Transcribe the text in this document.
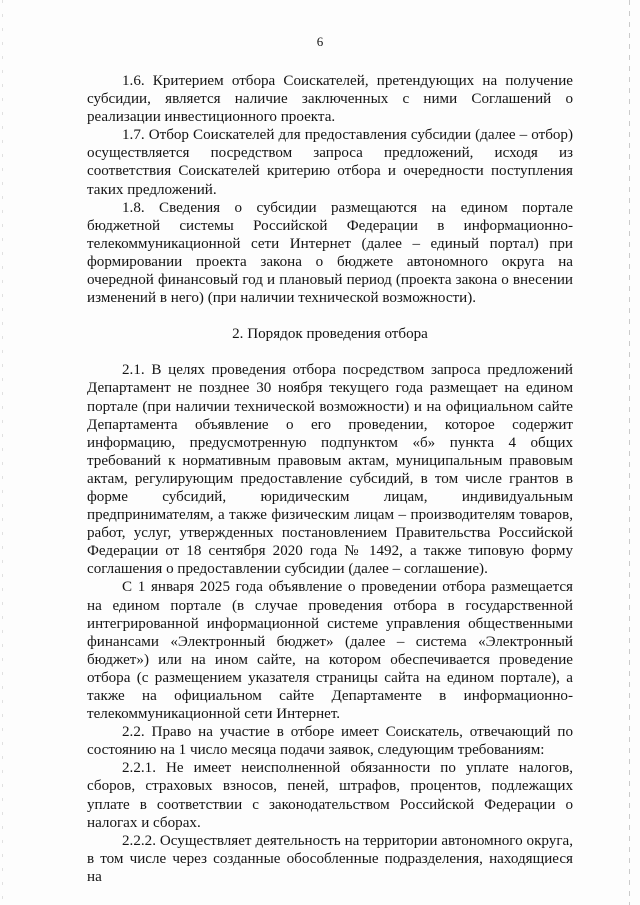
6

1.6. Критерием отбора Соискателей, претендующих на получение субсидии, является наличие заключенных с ними Соглашений о реализации инвестиционного проекта.

1.7. Отбор Соискателей для предоставления субсидии (далее – отбор) осуществляется посредством запроса предложений, исходя из соответствия Соискателей критерию отбора и очередности поступления таких предложений.

1.8. Сведения о субсидии размещаются на едином портале бюджетной системы Российской Федерации в информационно-телекоммуникационной сети Интернет (далее – единый портал) при формировании проекта закона о бюджете автономного округа на очередной финансовый год и плановый период (проекта закона о внесении изменений в него) (при наличии технической возможности).

2. Порядок проведения отбора

2.1. В целях проведения отбора посредством запроса предложений Департамент не позднее 30 ноября текущего года размещает на едином портале (при наличии технической возможности) и на официальном сайте Департамента объявление о его проведении, которое содержит информацию, предусмотренную подпунктом «б» пункта 4 общих требований к нормативным правовым актам, муниципальным правовым актам, регулирующим предоставление субсидий, в том числе грантов в форме субсидий, юридическим лицам, индивидуальным предпринимателям, а также физическим лицам – производителям товаров, работ, услуг, утвержденных постановлением Правительства Российской Федерации от 18 сентября 2020 года № 1492, а также типовую форму соглашения о предоставлении субсидии (далее – соглашение).

С 1 января 2025 года объявление о проведении отбора размещается на едином портале (в случае проведения отбора в государственной интегрированной информационной системе управления общественными финансами «Электронный бюджет» (далее – система «Электронный бюджет») или на ином сайте, на котором обеспечивается проведение отбора (с размещением указателя страницы сайта на едином портале), а также на официальном сайте Департаменте в информационно-телекоммуникационной сети Интернет.

2.2. Право на участие в отборе имеет Соискатель, отвечающий по состоянию на 1 число месяца подачи заявок, следующим требованиям:

2.2.1. Не имеет неисполненной обязанности по уплате налогов, сборов, страховых взносов, пеней, штрафов, процентов, подлежащих уплате в соответствии с законодательством Российской Федерации о налогах и сборах.

2.2.2. Осуществляет деятельность на территории автономного округа, в том числе через созданные обособленные подразделения, находящиеся на
